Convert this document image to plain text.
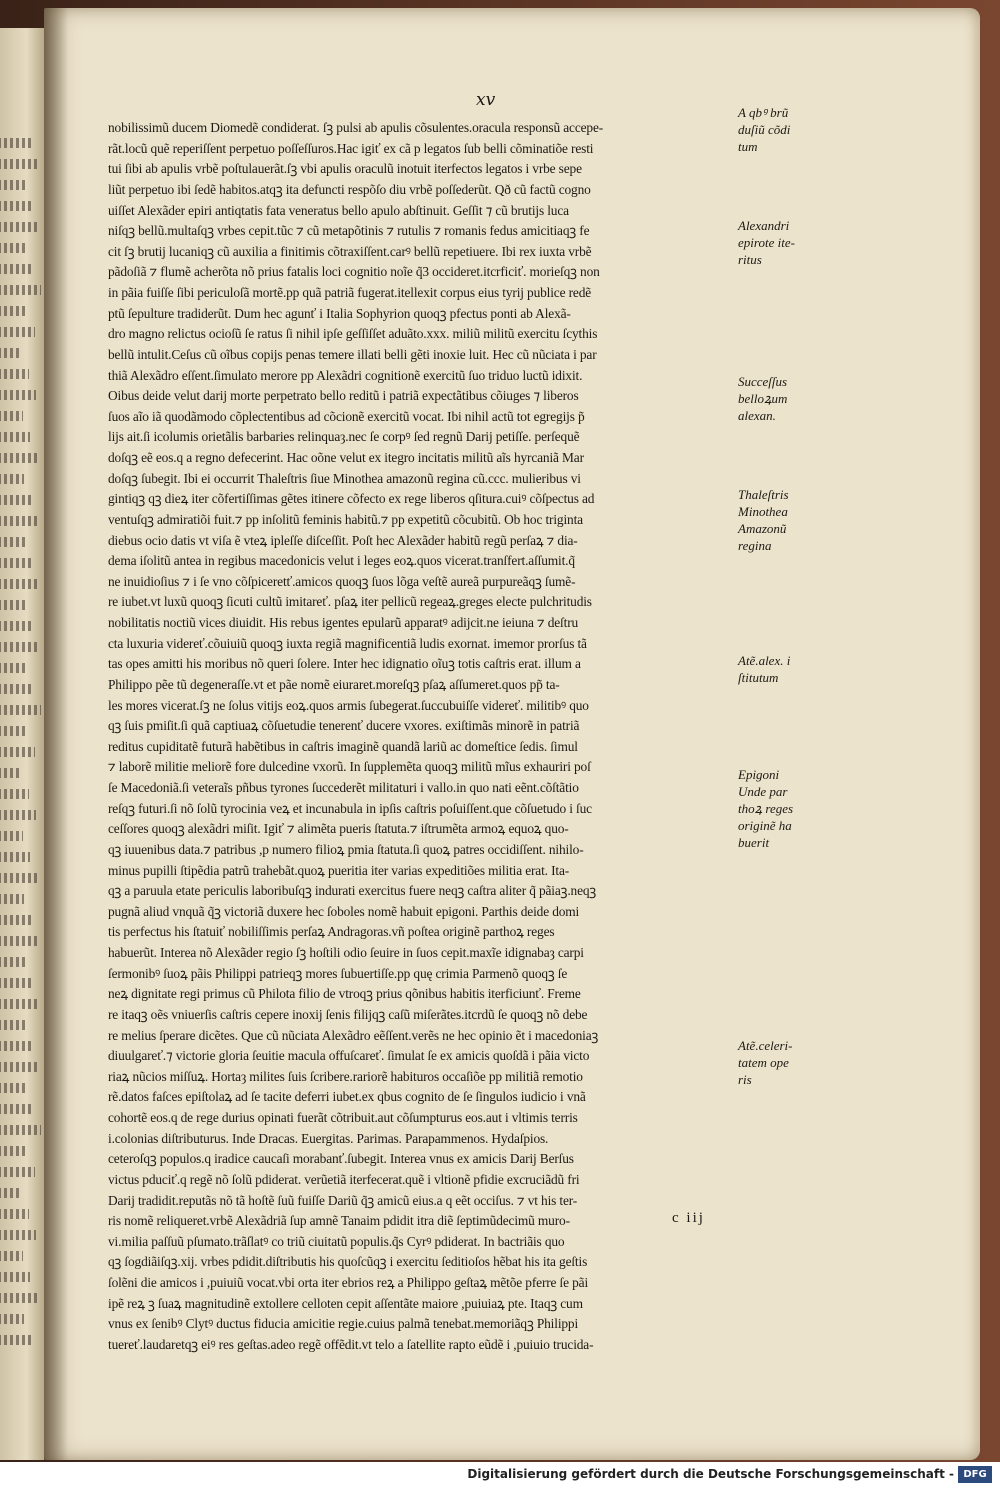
xv
nobilissimũ ducem Diomedẽ condiderat. ſꝫ pulsi ab apulis cõsulentes.oracula responsũ accepe-
rãt.locũ quẽ reperiſſent perpetuo poſſeſſuros.Hac igiť ex cã p legatos ſub belli cõminatiõe resti
tui ſibi ab apulis vrbẽ poſtulauerãt.ſꝫ vbi apulis oraculũ inotuit iterfectos legatos i vrbe sepe
liũt perpetuo ibi ſedẽ habitos.atqꝫ ita defuncti respõſo diu vrbẽ poſſederũt. Qð cũ factũ cogno
uiſſet Alexãder epiri antiqtatis fata veneratus bello apulo abſtinuit. Geſſit ⁊ cũ brutijs luca
niſqꝫ bellũ.multaſqꝫ vrbes cepit.tũc ⁊ cũ metapõtinis ⁊ rutulis ⁊ romanis fedus amicitiaqꝫ fe
cit ſꝫ brutij lucaniqꝫ cũ auxilia a finitimis cõtraxiſſent.carꝰ bellũ repetiuere. Ibi rex iuxta vrbẽ
pãdoſiã ⁊ flumẽ acherõta nõ prius fatalis loci cognitio noĩe q̃3 occideret.itcrficiť. morieſqꝫ non
in pãia fuiſſe ſibi periculoſã mortẽ.pp quã patriã fugerat.itellexit corpus eius tyrij publice redẽ
ptũ ſepulture tradiderũt. Dum hec agunť i Italia Sophyrion quoqꝫ pfectus ponti ab Alexã-
dro magno relictus ocioſũ ſe ratus ſi nihil ipſe geſſiſſet aduãto.xxx. miliũ militũ exercitu ſcythis
bellũ intulit.Ceſus cũ oĩbus copijs penas temere illati belli gẽti inoxie luit. Hec cũ nũciata i par
thiã Alexãdro eſſent.ſimulato merore pp Alexãdri cognitionẽ exercitũ ſuo triduo luctũ idixit.
Oibus deide velut darij morte perpetrato bello reditũ i patriã expectãtibus cõiuges ⁊ liberos
ſuos aĩo iã quodãmodo cõplectentibus ad cõcionẽ exercitũ vocat. Ibi nihil actũ tot egregijs p̃
lijs ait.ſi icolumis orietãlis barbaries relinquaȝ.nec ſe corpꝰ ſed regnũ Darij petiſſe. perſequẽ
doſqꝫ eẽ eos.q a regno defecerint. Hac oõne velut ex itegro incitatis militũ aĩs hyrcaniã Mar
doſqꝫ ſubegit. Ibi ei occurrit Thaleſtris ſiue Minothea amazonũ regina cũ.ccc. mulieribus vi
gintiqꝫ qꝫ dieꝝ iter cõfertiſſimas gẽtes itinere cõfecto ex rege liberos qſitura.cuiꝰ cõſpectus ad
ventuſqꝫ admiratiõi fuit.⁊ pp inſolitũ feminis habitũ.⁊ pp expetitũ cõcubitũ. Ob hoc triginta
diebus ocio datis vt viſa ẽ vteꝝ ipleſſe diſceſſit. Poſt hec Alexãder habitũ regũ perſaꝝ ⁊ dia-
dema iſolitũ antea in regibus macedonicis velut i leges eoꝝ.quos vicerat.tranſfert.aſſumit.q̃
ne inuidioſius ⁊ i ſe vno cõſpiceretť.amicos quoqꝫ ſuos lõga veſtẽ aureã purpureãqꝫ ſumẽ-
re iubet.vt luxũ quoqꝫ ſicuti cultũ imitareť. pſaꝝ iter pellicũ regeaꝝ.greges electe pulchritudis
nobilitatis noctiũ vices diuidit. His rebus igentes epularũ apparatꝰ adijcit.ne ieiuna ⁊ deſtru
cta luxuria videreť.cõuiuiũ quoqꝫ iuxta regiã magnificentiã ludis exornat. imemor prorſus tã
tas opes amitti his moribus nõ queri ſolere. Inter hec idignatio oĩuꝫ totis caſtris erat. illum a
Philippo pẽe tũ degeneraſſe.vt et pãe nomẽ eiuraret.moreſqꝫ pſaꝝ aſſumeret.quos pp̃ ta-
les mores vicerat.ſꝫ ne ſolus vitijs eoꝝ.quos armis ſubegerat.ſuccubuiſſe videreť. militibꝰ quo
qꝫ ſuis pmiſit.ſi quã captiuaꝝ cõſuetudie tenerenť ducere vxores. exiſtimãs minorẽ in patriã
reditus cupiditatẽ futurã habẽtibus in caſtris imaginẽ quandã lariũ ac domeſtice ſedis. ſimul
⁊ laborẽ militie meliorẽ fore dulcedine vxorũ. In ſupplemẽta quoqꝫ militũ mĩus exhauriri poſ
ſe Macedoniã.ſi veteraĩs pñbus tyrones ſuccederẽt militaturi i vallo.in quo nati eẽnt.cõſtãtio
reſqꝫ futuri.ſi nõ ſolũ tyrocinia veꝝ et incunabula in ipſis caſtris poſuiſſent.que cõſuetudo i ſuc
ceſſores quoqꝫ alexãdri miſit. Igiť ⁊ alimẽta pueris ſtatuta.⁊ iſtrumẽta armoꝝ equoꝝ quo-
qꝫ iuuenibus data.⁊ patribus ,p numero filioꝝ pmia ſtatuta.ſi quoꝝ patres occidiſſent. nihilo-
minus pupilli ſtipẽdia patrũ trahebãt.quoꝝ pueritia iter varias expeditiões militia erat. Ita-
qꝫ a paruula etate periculis laboribuſqꝫ indurati exercitus fuere neqꝫ caſtra aliter q̃ pãiaꝫ.neqꝫ
pugnã aliud vnquã q̃ꝫ victoriã duxere hec ſoboles nomẽ habuit epigoni. Parthis deide domi
tis perfectus his ſtatuiť nobiliſſimis perſaꝝ Andragoras.vñ poſtea originẽ parthoꝝ reges
habuerũt. Interea nõ Alexãder regio ſꝫ hoſtili odio ſeuire in ſuos cepit.maxĩe idignabaȝ carpi
ſermonibꝰ ſuoꝝ pãis Philippi patrieqꝫ mores ſubuertiſſe.pp quę crimia Parmenõ quoqꝫ ſe
neꝝ dignitate regi primus cũ Philota filio de vtroqꝫ prius qõnibus habitis iterficiunť. Freme
re itaqꝫ oẽs vniuerſis caſtris cepere inoxij ſenis filijqꝫ caſũ miſerãtes.itcrdũ ſe quoqꝫ nõ debe
re melius ſperare dicẽtes. Que cũ nũciata Alexãdro eẽſſent.verẽs ne hec opinio ẽt i macedoniaꝫ
diuulgareť.⁊ victorie gloria ſeuitie macula offuſcareť. ſimulat ſe ex amicis quoſdã i pãia victo
riaꝝ nũcios miſſuꝝ. Hortaȝ milites ſuis ſcribere.rariorẽ habituros occaſiõe pp militiã remotio
rẽ.datos faſces epiſtolaꝝ ad ſe tacite deferri iubet.ex qbus cognito de ſe ſingulos iudicio i vnã
cohortẽ eos.q de rege durius opinati fuerãt cõtribuit.aut cõſumpturus eos.aut i vltimis terris
i.colonias diſtributurus. Inde Dracas. Euergitas. Parimas. Parapammenos. Hydaſpios.
ceteroſqꝫ populos.q iradice caucaſi morabanť.ſubegit. Interea vnus ex amicis Darij Berſus
victus pduciť.q regẽ nõ ſolũ pdiderat. verũetiã iterfecerat.quẽ i vltionẽ pfidie excruciãdũ fri
Darij tradidit.reputãs nõ tã hoſtẽ ſuũ fuiſſe Dariũ q̃ꝫ amicũ eius.a q eẽt occiſus. ⁊ vt his ter-
ris nomẽ reliqueret.vrbẽ Alexãdriã ſup amnẽ Tanaim pdidit itra diẽ ſeptimũdecimũ muro-
vi.milia paſſuũ pſumato.trãſlatꝰ co triũ ciuitatũ populis.q̃s Cyrꝰ pdiderat. In bactriãis quo
qꝫ ſogdiãiſqꝫ.xij. vrbes pdidit.diſtributis his quoſcũqꝫ i exercitu ſeditioſos hẽbat his ita geſtis
ſolẽni die amicos i ,puiuiũ vocat.vbi orta iter ebrios reꝝ a Philippo geſtaꝝ mẽtõe pferre ſe pãi
ipẽ reꝝ ꝫ ſuaꝝ magnitudinẽ extollere celloten cepit aſſentãte maiore ,puiuiaꝝ pte. Itaqꝫ cum
vnus ex ſenibꝰ Clytꝰ ductus fiducia amicitie regie.cuius palmã tenebat.memoriãqꝫ Philippi
tuereť.laudaretqꝫ eiꝰ res geſtas.adeo regẽ offẽdit.vt telo a ſatellite rapto eũdẽ i ,puiuio trucida-
A qbꝰ brũ
duſiũ cõdi
tum
Alexandri
epirote ite-
ritus
Succeſſus
belloꝝum
alexan.
Thaleſtris
Minothea
Amazonũ
regina
Atẽ.alex. i
ſtitutum
Epigoni
Unde par
thoꝝ reges
originẽ ha
buerit
Atẽ.celeri-
tatem ope
ris
c iij
Digitalisierung gefördert durch die Deutsche Forschungsgemeinschaft - DFG
